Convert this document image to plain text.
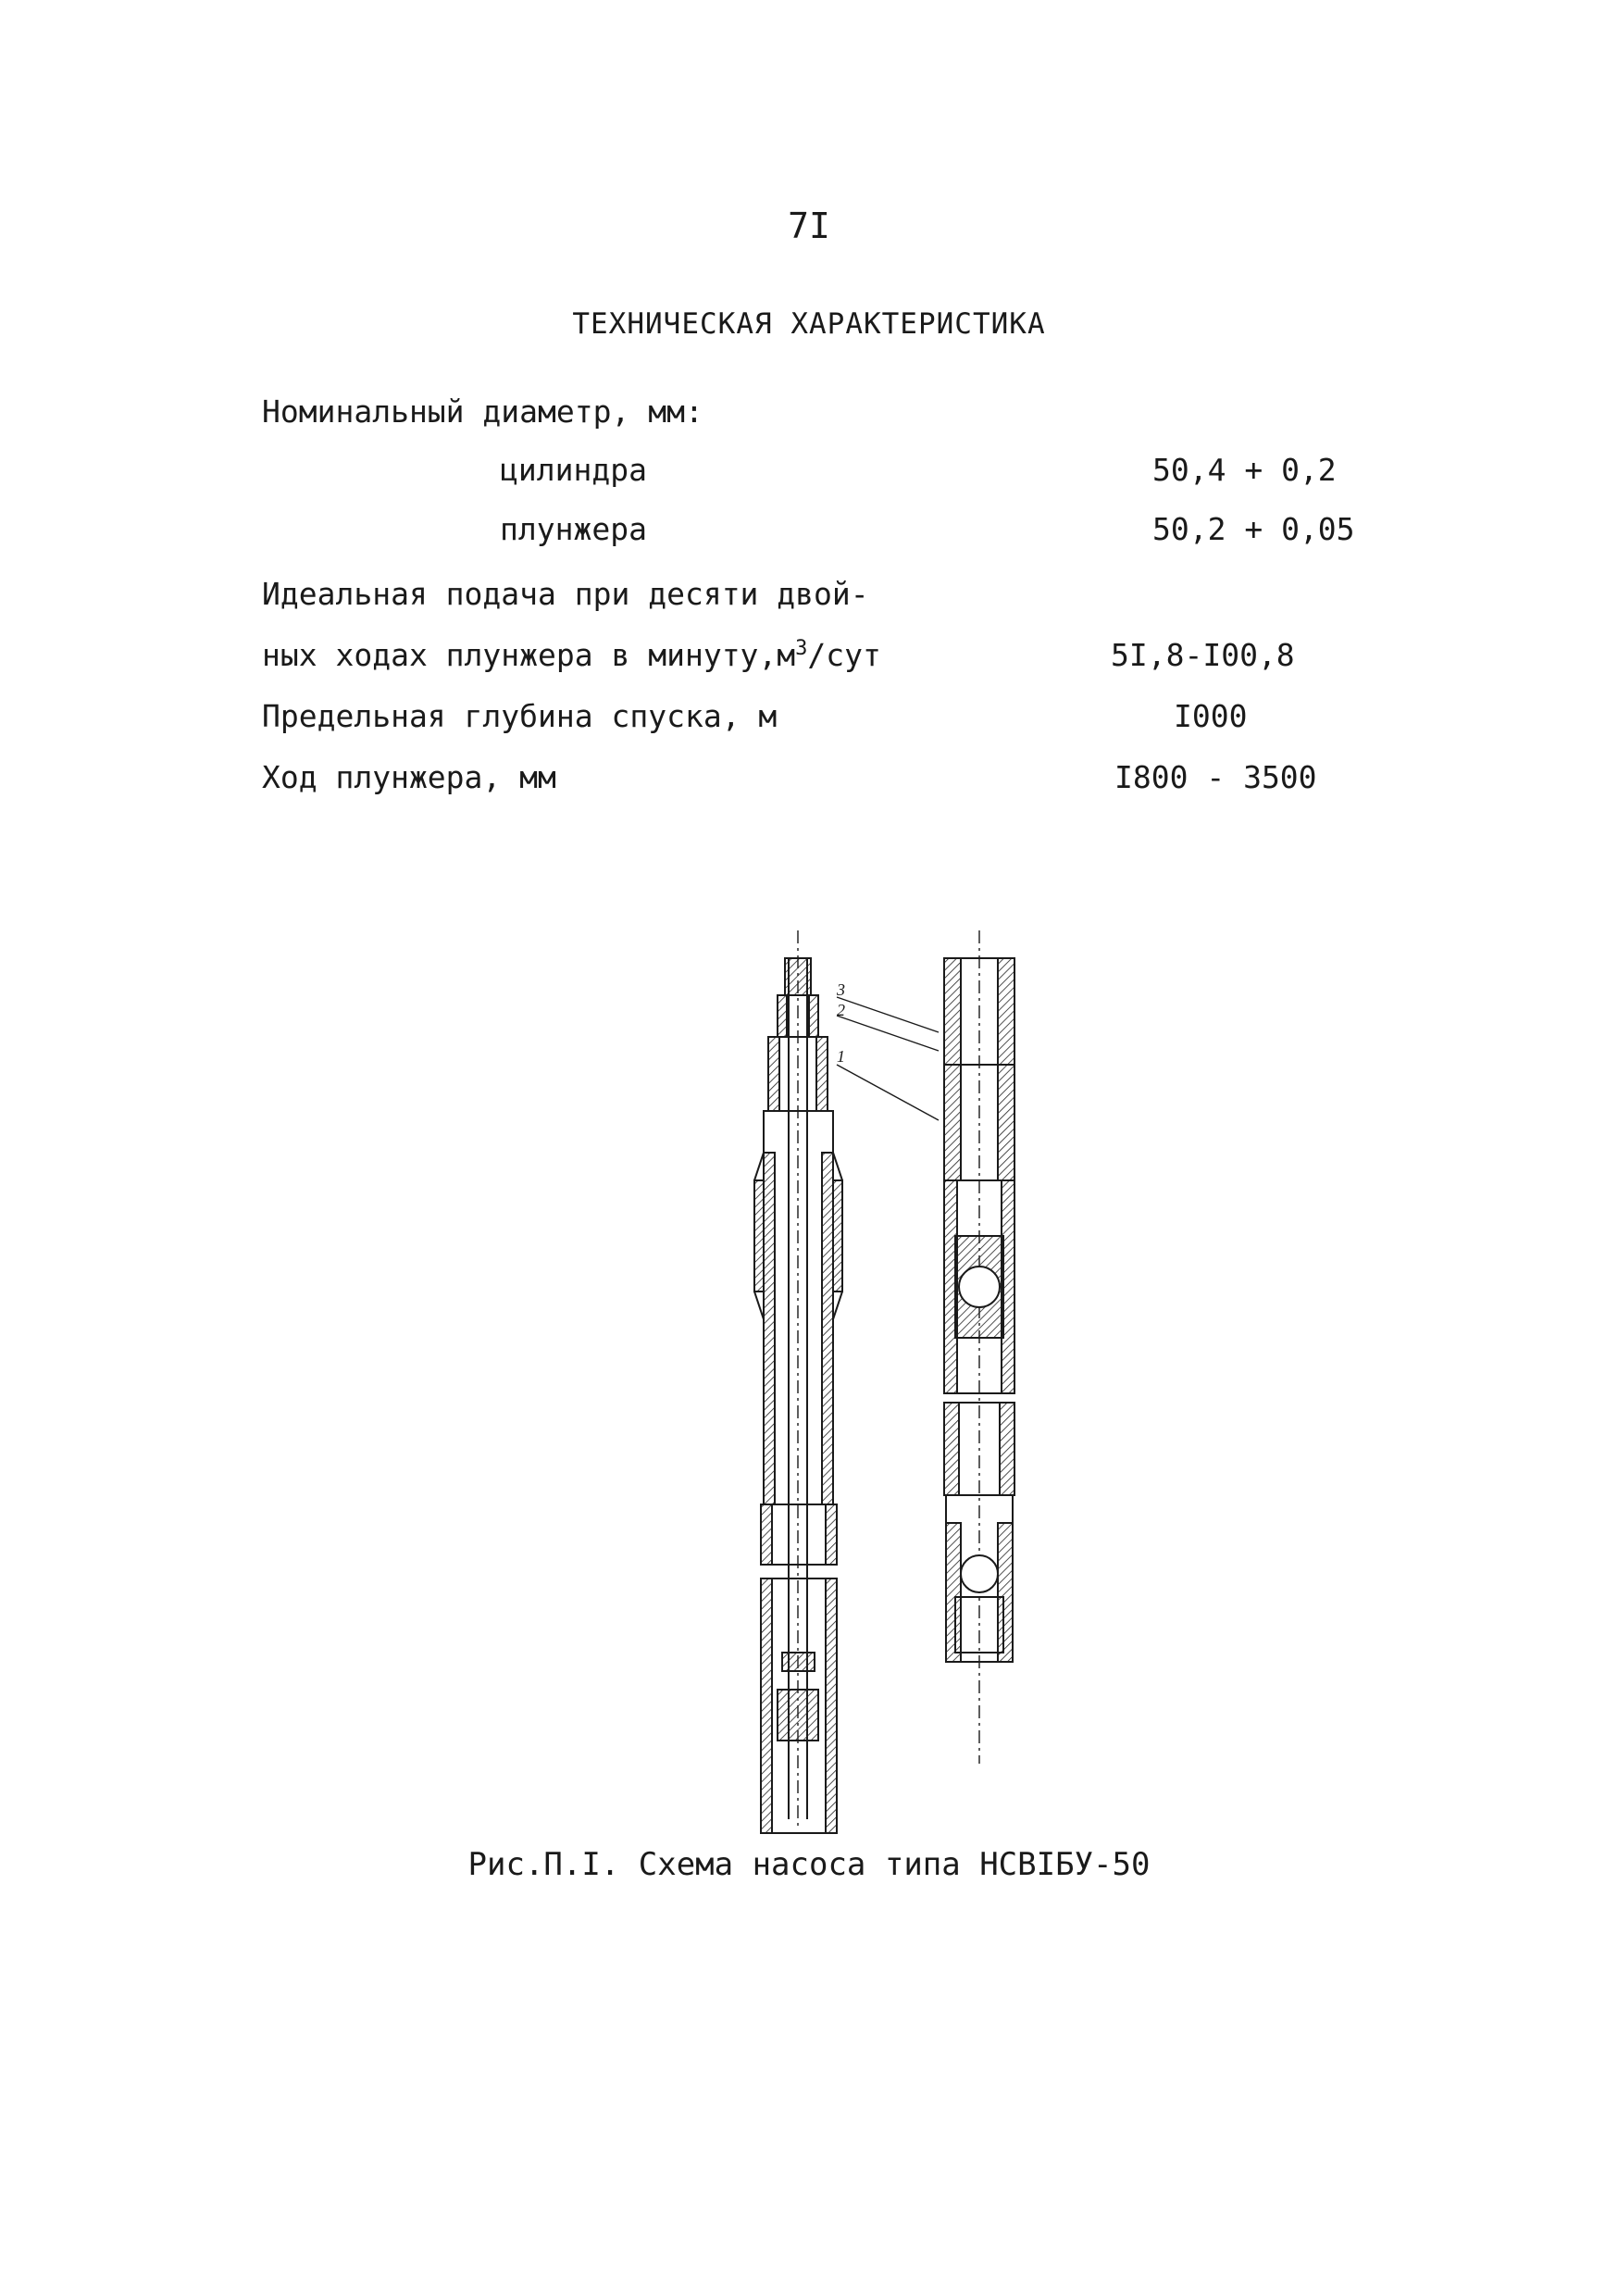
7I
ТЕХНИЧЕСКАЯ ХАРАКТЕРИСТИКА
Номинальный диаметр, мм:
цилиндра	50,4 + 0,2
плунжера	50,2 + 0,05
Идеальная подача при десяти двой-
ных ходах плунжера в $минуту,м^3$/сут	5I,8-I00,8
Предельная глубина спуска, м	I000
Ход плунжера, мм	I800 - 3500
3
2
1
Рис.П.I. Схема насоса типа НСВIБУ-50
